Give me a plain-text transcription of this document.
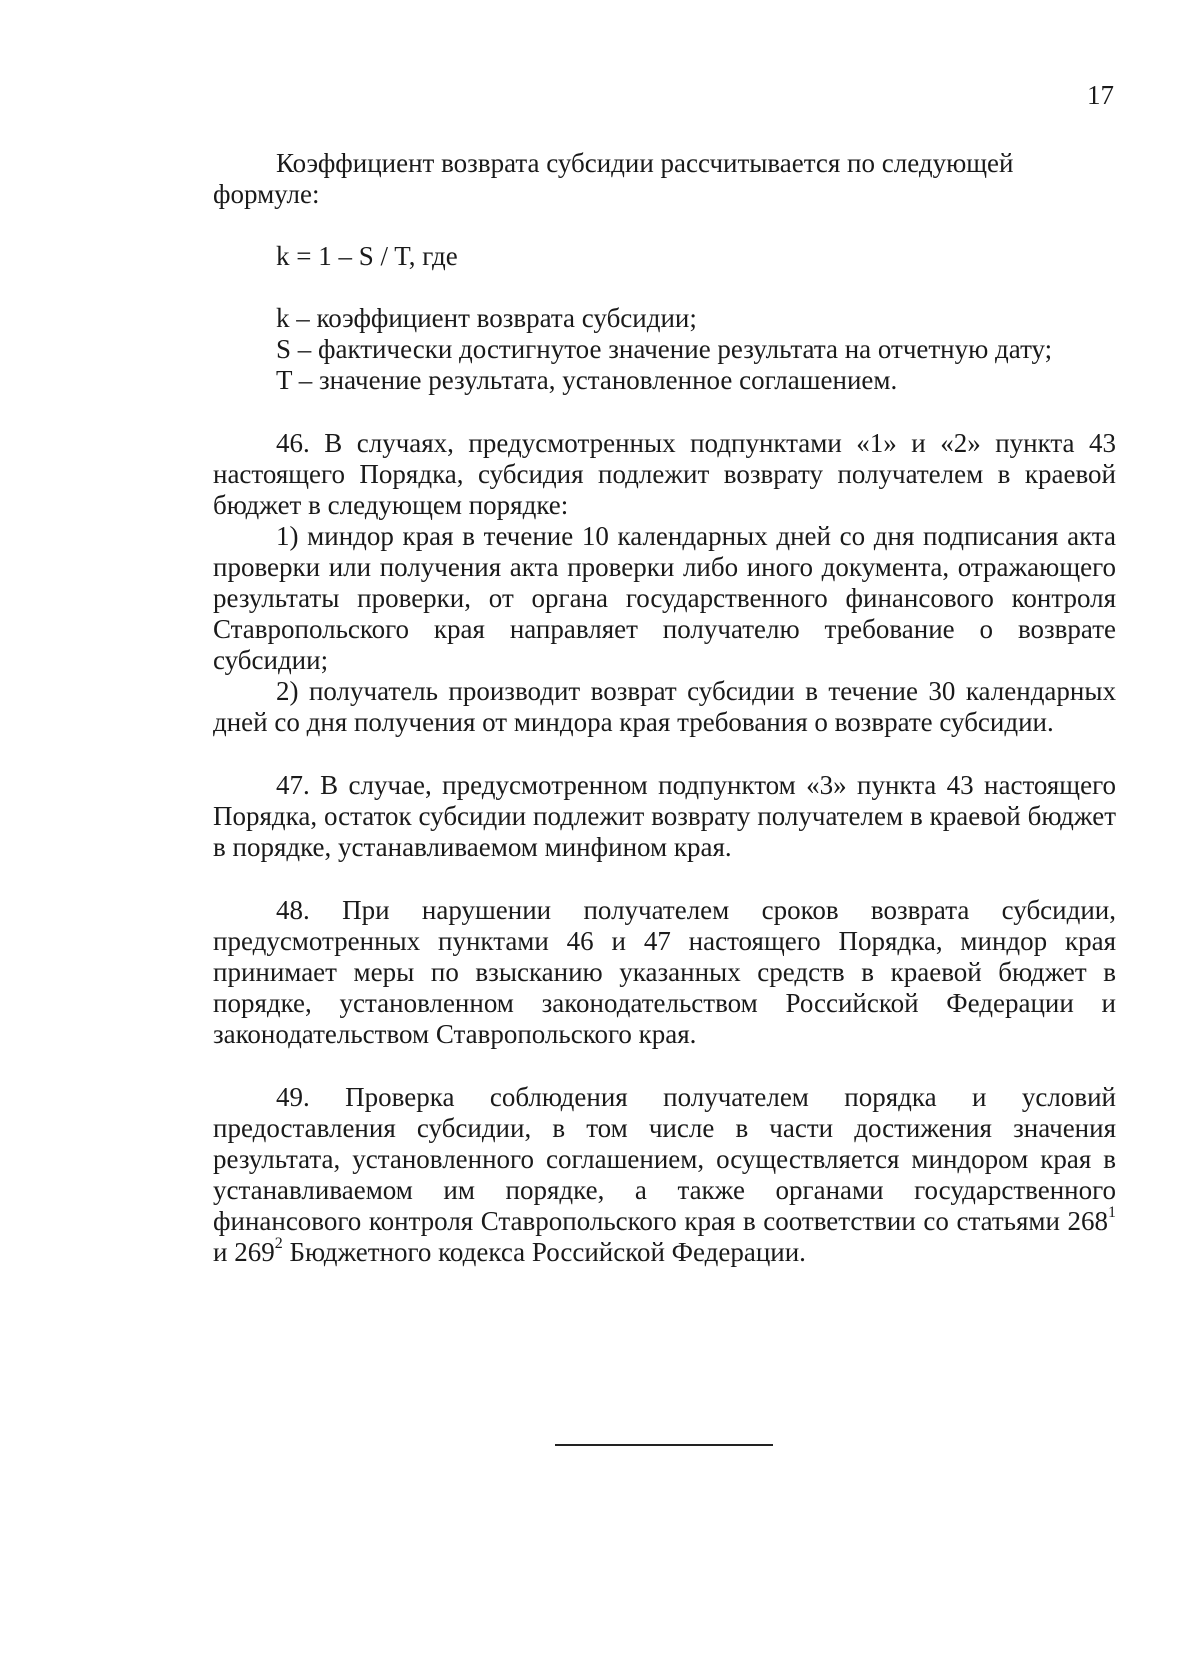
17

Коэффициент возврата субсидии рассчитывается по следующей

формуле:

k = 1 – S / T, где

k – коэффициент возврата субсидии;

S – фактически достигнутое значение результата на отчетную дату;

T – значение результата, установленное соглашением.

46. В случаях, предусмотренных подпунктами «1» и «2» пункта 43 настоящего Порядка, субсидия подлежит возврату получателем в краевой бюджет в следующем порядке:

1) миндор края в течение 10 календарных дней со дня подписания акта проверки или получения акта проверки либо иного документа, отражающего результаты проверки, от органа государственного финансового контроля Ставропольского края направляет получателю требование о возврате субсидии;

2) получатель производит возврат субсидии в течение 30 календарных дней со дня получения от миндора края требования о возврате субсидии.

47. В случае, предусмотренном подпунктом «3» пункта 43 настоящего Порядка, остаток субсидии подлежит возврату получателем в краевой бюджет в порядке, устанавливаемом минфином края.

48. При нарушении получателем сроков возврата субсидии, предусмотренных пунктами 46 и 47 настоящего Порядка, миндор края принимает меры по взысканию указанных средств в краевой бюджет в порядке, установленном законодательством Российской Федерации и законодательством Ставропольского края.

49. Проверка соблюдения получателем порядка и условий предоставления субсидии, в том числе в части достижения значения результата, установленного соглашением, осуществляется миндором края в устанавливаемом им порядке, а также органами государственного финансового контроля Ставропольского края в соответствии со статьями $268^1$ и $269^2$ Бюджетного кодекса Российской Федерации.
